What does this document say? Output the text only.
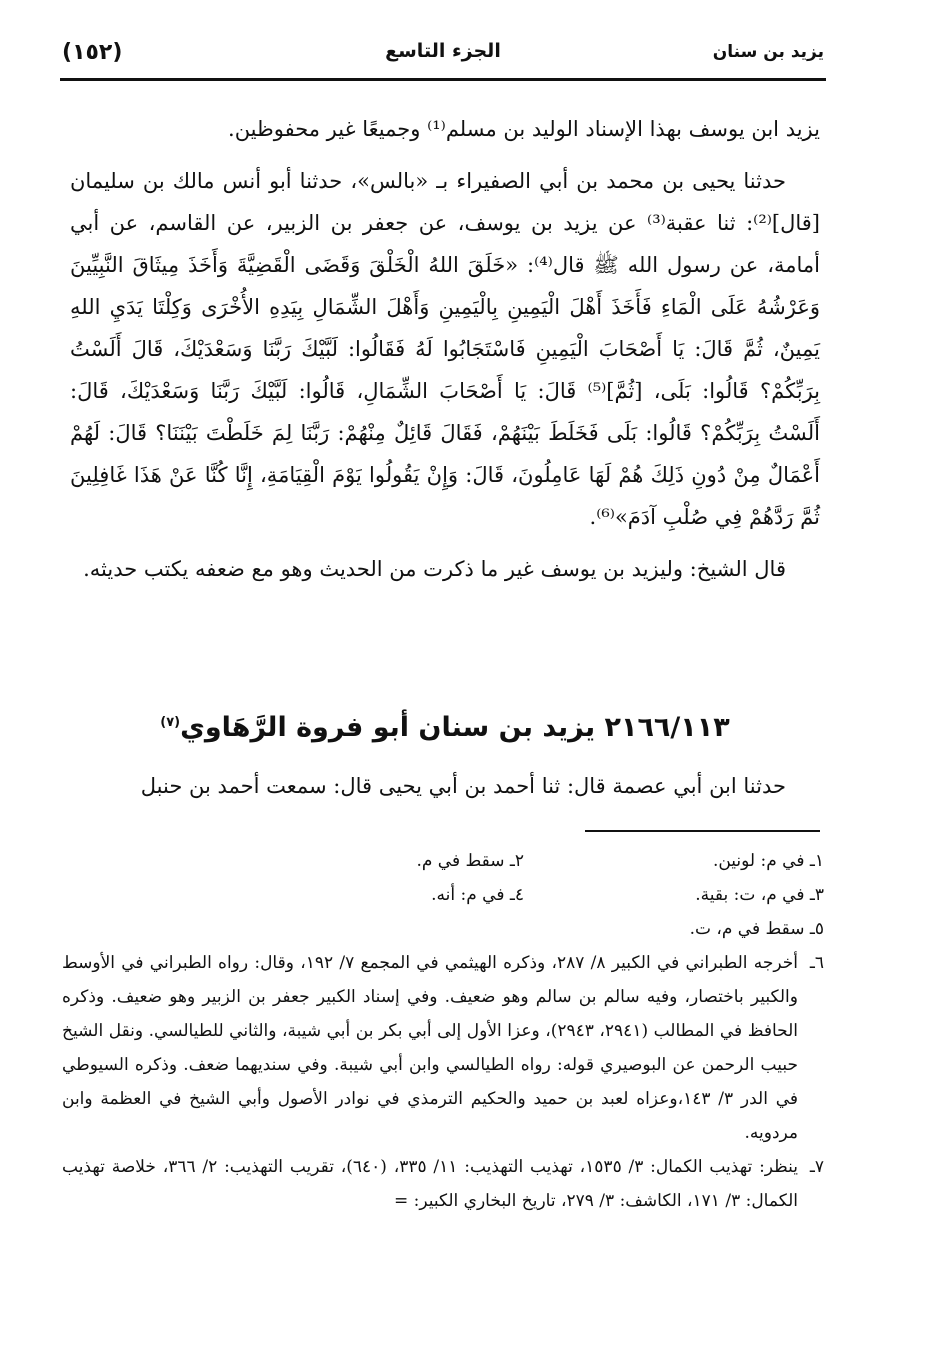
(١٥٢)	الجزء التاسع	يزيد بن سنان

يزيد ابن يوسف بهذا الإسناد الوليد بن مسلم⁽¹⁾ وجميعًا غير محفوظين.

حدثنا يحيى بن محمد بن أبي الصفيراء بـ «بالس»، حدثنا أبو أنس مالك بن سليمان [قال]⁽²⁾: ثنا عقبة⁽³⁾ عن يزيد بن يوسف، عن جعفر بن الزبير، عن القاسم، عن أبي أمامة، عن رسول الله ﷺ قال⁽⁴⁾: «خَلَقَ اللهُ الْخَلْقَ وَقَضَى الْقَضِيَّةَ وَأَخَذَ مِيثَاقَ النَّبِيِّينَ وَعَرْشُهُ عَلَى الْمَاءِ فَأَخَذَ أَهْلَ الْيَمِينِ بِالْيَمِينِ وَأَهْلَ الشِّمَالِ بِيَدِهِ الأُخْرَى وَكِلْتَا يَدَيِ اللهِ يَمِينٌ، ثُمَّ قَالَ: يَا أَصْحَابَ الْيَمِينِ فَاسْتَجَابُوا لَهُ فَقَالُوا: لَبَّيْكَ رَبَّنَا وَسَعْدَيْكَ، قَالَ أَلَسْتُ بِرَبِّكُمْ؟ قَالُوا: بَلَى، [ثُمَّ]⁽⁵⁾ قَالَ: يَا أَصْحَابَ الشِّمَالِ، قَالُوا: لَبَّيْكَ رَبَّنَا وَسَعْدَيْكَ، قَالَ: أَلَسْتُ بِرَبِّكُمْ؟ قَالُوا: بَلَى فَخَلَطَ بَيْنَهُمْ، فَقَالَ قَائِلٌ مِنْهُمْ: رَبَّنَا لِمَ خَلَطْتَ بَيْنَنَا؟ قَالَ: لَهُمْ أَعْمَالٌ مِنْ دُونِ ذَلِكَ هُمْ لَهَا عَامِلُونَ، قَالَ: وَإِنْ يَقُولُوا يَوْمَ الْقِيَامَةِ، إِنَّا كُنَّا عَنْ هَذَا غَافِلِينَ ثُمَّ رَدَّهُمْ فِي صُلْبِ آدَمَ»⁽⁶⁾.

قال الشيخ: وليزيد بن يوسف غير ما ذكرت من الحديث وهو مع ضعفه يكتب حديثه.

٢١٦٦/١١٣ يزيد بن سنان أبو فروة الرَّهَاوي$^{(٧)}$
حدثنا ابن أبي عصمة قال: ثنا أحمد بن أبي يحيى قال: سمعت أحمد بن حنبل
١ـ في م: لونين.
٢ـ سقط في م.
٣ـ في م، ت: بقية.
٤ـ في م: أنه.
٥ـ سقط في م، ت.
٦ـأخرجه الطبراني في الكبير ٨/ ٢٨٧، وذكره الهيثمي في المجمع ٧/ ١٩٢، وقال: رواه الطبراني في الأوسط والكبير باختصار، وفيه سالم بن سالم وهو ضعيف. وفي إسناد الكبير جعفر بن الزبير وهو ضعيف. وذكره الحافظ في المطالب (٢٩٤١، ٢٩٤٣)، وعزا الأول إلى أبي بكر بن أبي شيبة، والثاني للطيالسي. ونقل الشيخ حبيب الرحمن عن البوصيري قوله: رواه الطيالسي وابن أبي شيبة. وفي سنديهما ضعف. وذكره السيوطي في الدر ٣/ ١٤٣،وعزاه لعبد بن حميد والحكيم الترمذي في نوادر الأصول وأبي الشيخ في العظمة وابن مردويه.
٧ـينظر: تهذيب الكمال: ٣/ ١٥٣٥، تهذيب التهذيب: ١١/ ٣٣٥، (٦٤٠)، تقريب التهذيب: ٢/ ٣٦٦، خلاصة تهذيب الكمال: ٣/ ١٧١، الكاشف: ٣/ ٢٧٩، تاريخ البخاري الكبير: =
